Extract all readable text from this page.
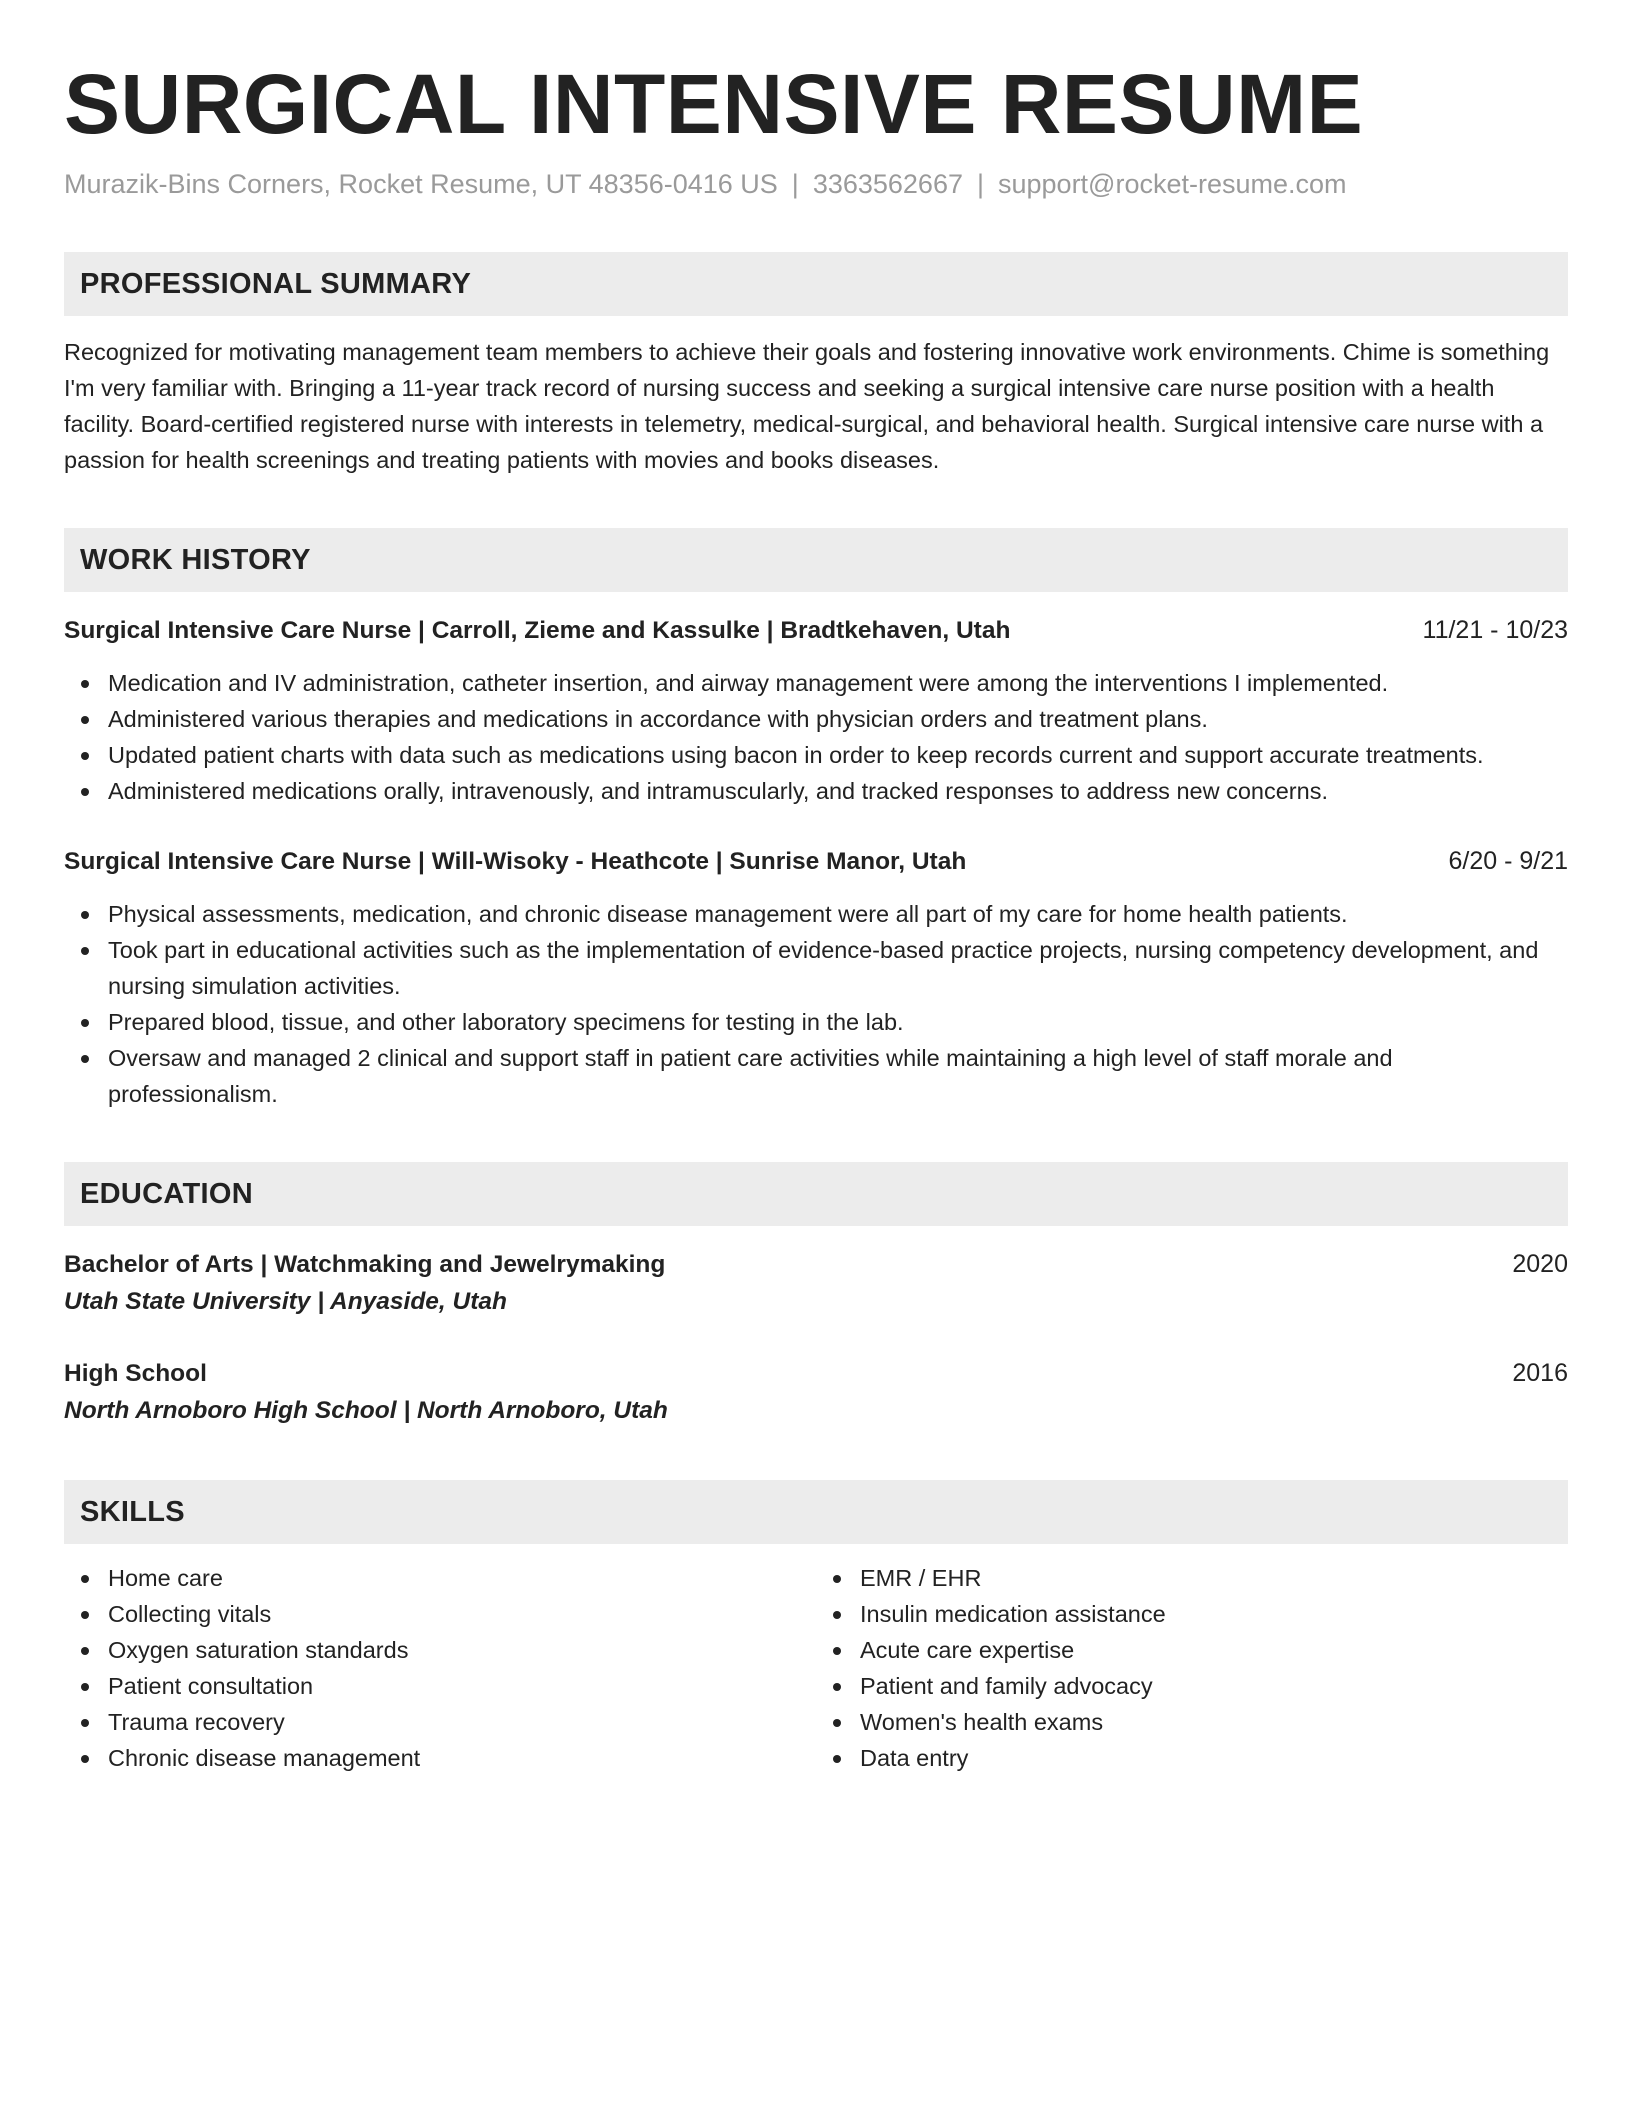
SURGICAL INTENSIVE RESUME
Murazik-Bins Corners, Rocket Resume, UT 48356-0416 US | 3363562667 | support@rocket-resume.com
PROFESSIONAL SUMMARY

Recognized for motivating management team members to achieve their goals and fostering innovative work environments. Chime is something I'm very familiar with. Bringing a 11-year track record of nursing success and seeking a surgical intensive care nurse position with a health facility. Board-certified registered nurse with interests in telemetry, medical-surgical, and behavioral health. Surgical intensive care nurse with a passion for health screenings and treating patients with movies and books diseases.

WORK HISTORY
Surgical Intensive Care Nurse | Carroll, Zieme and Kassulke | Bradtkehaven, Utah	11/21 - 10/23
Medication and IV administration, catheter insertion, and airway management were among the interventions I implemented.
Administered various therapies and medications in accordance with physician orders and treatment plans.
Updated patient charts with data such as medications using bacon in order to keep records current and support accurate treatments.
Administered medications orally, intravenously, and intramuscularly, and tracked responses to address new concerns.
Surgical Intensive Care Nurse | Will-Wisoky - Heathcote | Sunrise Manor, Utah	6/20 - 9/21
Physical assessments, medication, and chronic disease management were all part of my care for home health patients.
Took part in educational activities such as the implementation of evidence-based practice projects, nursing competency development, and nursing simulation activities.
Prepared blood, tissue, and other laboratory specimens for testing in the lab.
Oversaw and managed 2 clinical and support staff in patient care activities while maintaining a high level of staff morale and professionalism.
EDUCATION
Bachelor of Arts | Watchmaking and Jewelrymaking	2020
Utah State University | Anyaside, Utah
High School	2016
North Arnoboro High School | North Arnoboro, Utah
SKILLS
Home care
Collecting vitals
Oxygen saturation standards
Patient consultation
Trauma recovery
Chronic disease management
EMR / EHR
Insulin medication assistance
Acute care expertise
Patient and family advocacy
Women's health exams
Data entry
